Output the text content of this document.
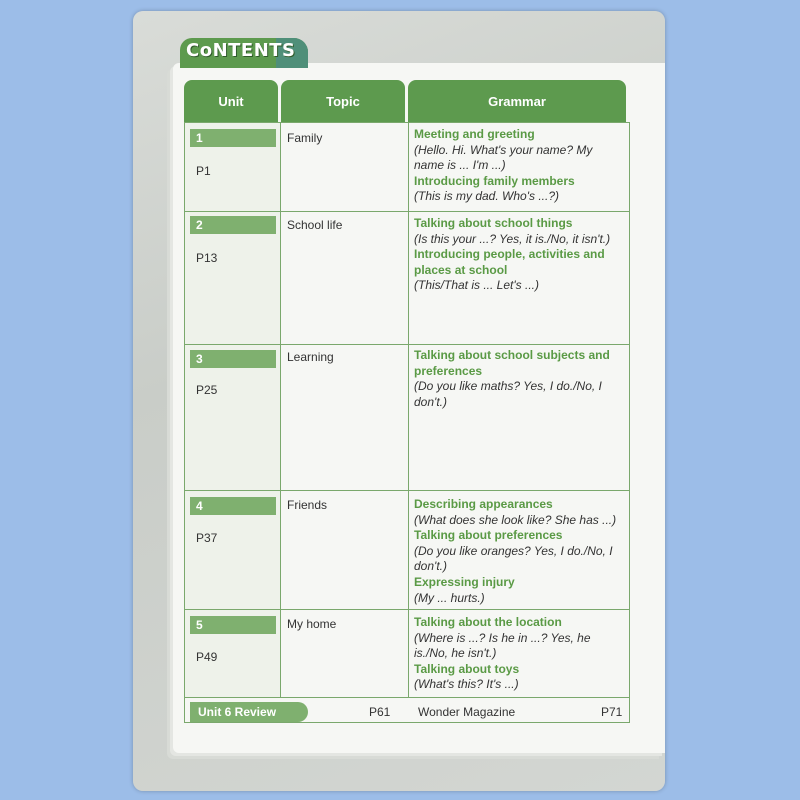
CoNTENTS
Unit	Topic	Grammar
1
P1
Family	Meeting and greeting
(Hello. Hi. What's your name? My name is ... I'm ...)
Introducing family members
(This is my dad. Who's ...?)
2
P13
School life	Talking about school things
(Is this your ...? Yes, it is./No, it isn't.)
Introducing people, activities and places at school
(This/That is ... Let's ...)
3
P25
Learning	Talking about school subjects and preferences
(Do you like maths? Yes, I do./No, I don't.)
4
P37
Friends	Describing appearances
(What does she look like? She has ...)
Talking about preferences
(Do you like oranges? Yes, I do./No, I don't.)
Expressing injury
(My ... hurts.)
5
P49
My home	Talking about the location
(Where is ...? Is he in ...? Yes, he is./No, he isn't.)
Talking about toys
(What's this? It's ...)
Unit 6 Review	P61 Wonder Magazine	P71
